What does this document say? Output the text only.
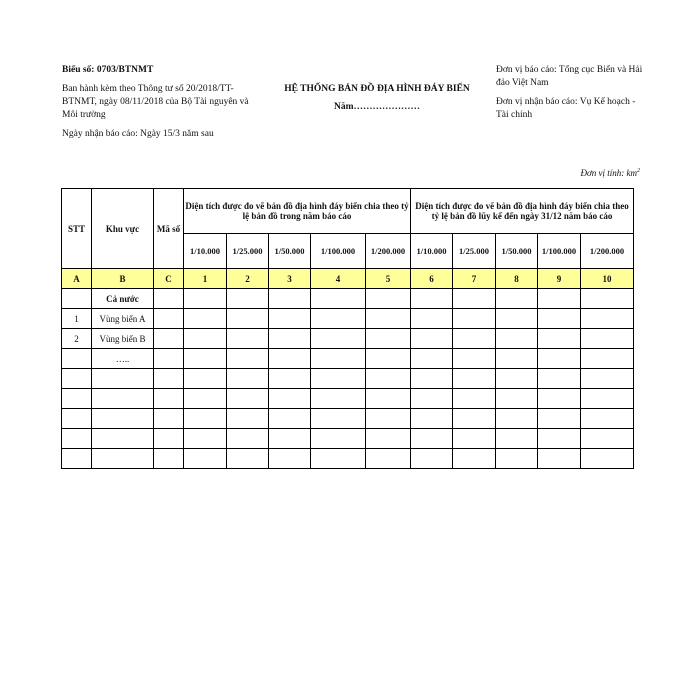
Biểu số: 0703/BTNMT
Ban hành kèm theo Thông tư số 20/2018/TT-BTNMT, ngày 08/11/2018 của Bộ Tài nguyên và Môi trường
Ngày nhận báo cáo: Ngày 15/3 năm sau
HỆ THỐNG BẢN ĐỒ ĐỊA HÌNH ĐÁY BIỂN
Năm…………………
Đơn vị báo cáo: Tổng cục Biển và Hải đảo Việt Nam
Đơn vị nhận báo cáo: Vụ Kế hoạch - Tài chính
Đơn vị tính: $km^2$
STT	Khu vực	Mã số	Diện tích được đo vẽ bản đồ địa hình đáy biển chia theo tỷ lệ bản đồ trong năm báo cáo					Diện tích được đo vẽ bản đồ địa hình đáy biển chia theo tỷ lệ bản đồ lũy kế đến ngày 31/12 năm báo cáo				
			1/10.000	1/25.000	1/50.000	1/100.000	1/200.000	1/10.000	1/25.000	1/50.000	1/100.000	1/200.000
A	B	C	1	2	3	4	5	6	7	8	9	10
	Cả nước											
1	Vùng biển A											
2	Vùng biển B											
	…..											
